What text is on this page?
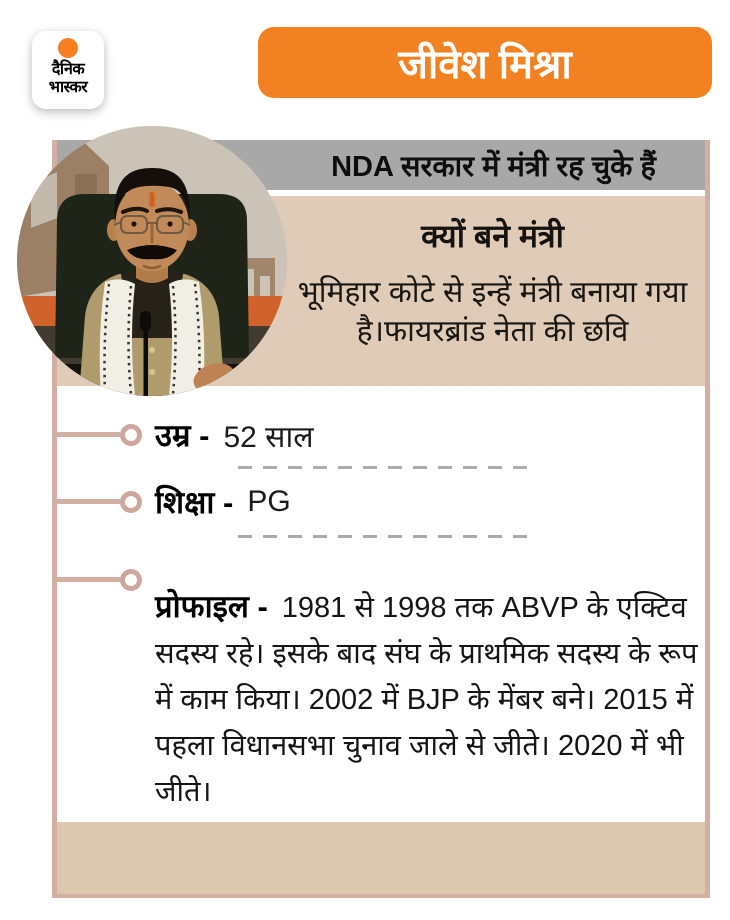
दैनिक
भास्कर
जीवेश मिश्रा
NDA सरकार में मंत्री रह चुके हैं

क्यों बने मंत्री

भूमिहार कोटे से इन्हें मंत्री बनाया गया है।फायरब्रांड नेता की छवि

उम्र - 52 साल
शिक्षा - PG

प्रोफाइल - 1981 से 1998 तक ABVP के एक्टिव सदस्य रहे। इसके बाद संघ के प्राथमिक सदस्य के रूप में काम किया। 2002 में BJP के मेंबर बने। 2015 में पहला विधानसभा चुनाव जाले से जीते। 2020 में भी जीते।
